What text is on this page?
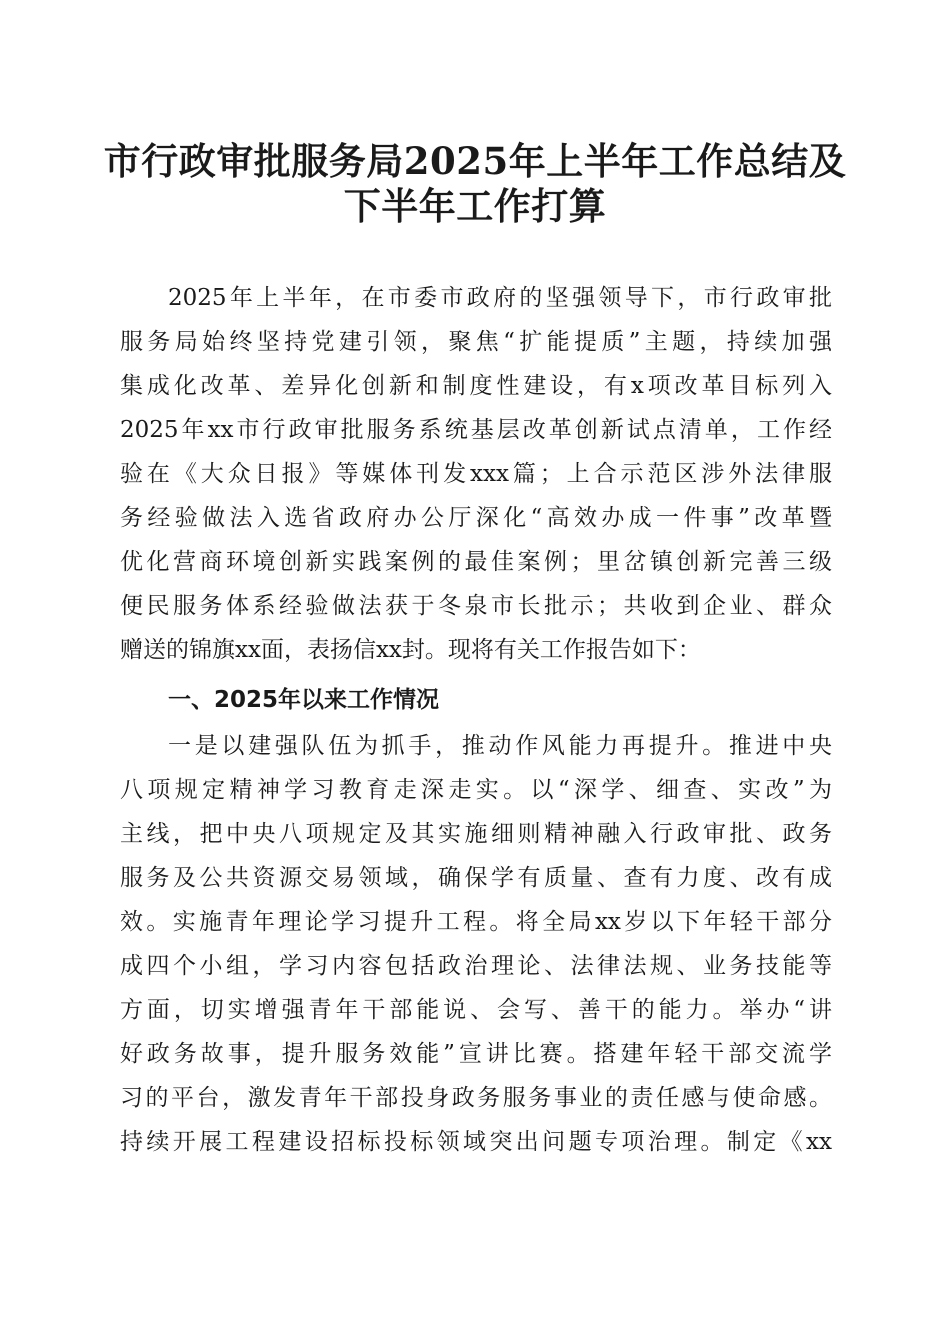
市行政审批服务局2025年上半年工作总结及
下半年工作打算
2025年上半年，在市委市政府的坚强领导下，市行政审批
服务局始终坚持党建引领，聚焦“扩能提质”主题，持续加强
集成化改革、差异化创新和制度性建设，有x项改革目标列入
2025年xx市行政审批服务系统基层改革创新试点清单，工作经
验在《大众日报》等媒体刊发xxx篇；上合示范区涉外法律服
务经验做法入选省政府办公厅深化“高效办成一件事”改革暨
优化营商环境创新实践案例的最佳案例；里岔镇创新完善三级
便民服务体系经验做法获于冬泉市长批示；共收到企业、群众
赠送的锦旗xx面，表扬信xx封。现将有关工作报告如下：
一、2025年以来工作情况
一是以建强队伍为抓手，推动作风能力再提升。推进中央
八项规定精神学习教育走深走实。以“深学、细查、实改”为
主线，把中央八项规定及其实施细则精神融入行政审批、政务
服务及公共资源交易领域，确保学有质量、查有力度、改有成
效。实施青年理论学习提升工程。将全局xx岁以下年轻干部分
成四个小组，学习内容包括政治理论、法律法规、业务技能等
方面，切实增强青年干部能说、会写、善干的能力。举办“讲
好政务故事，提升服务效能”宣讲比赛。搭建年轻干部交流学
习的平台，激发青年干部投身政务服务事业的责任感与使命感。
持续开展工程建设招标投标领域突出问题专项治理。制定《xx
